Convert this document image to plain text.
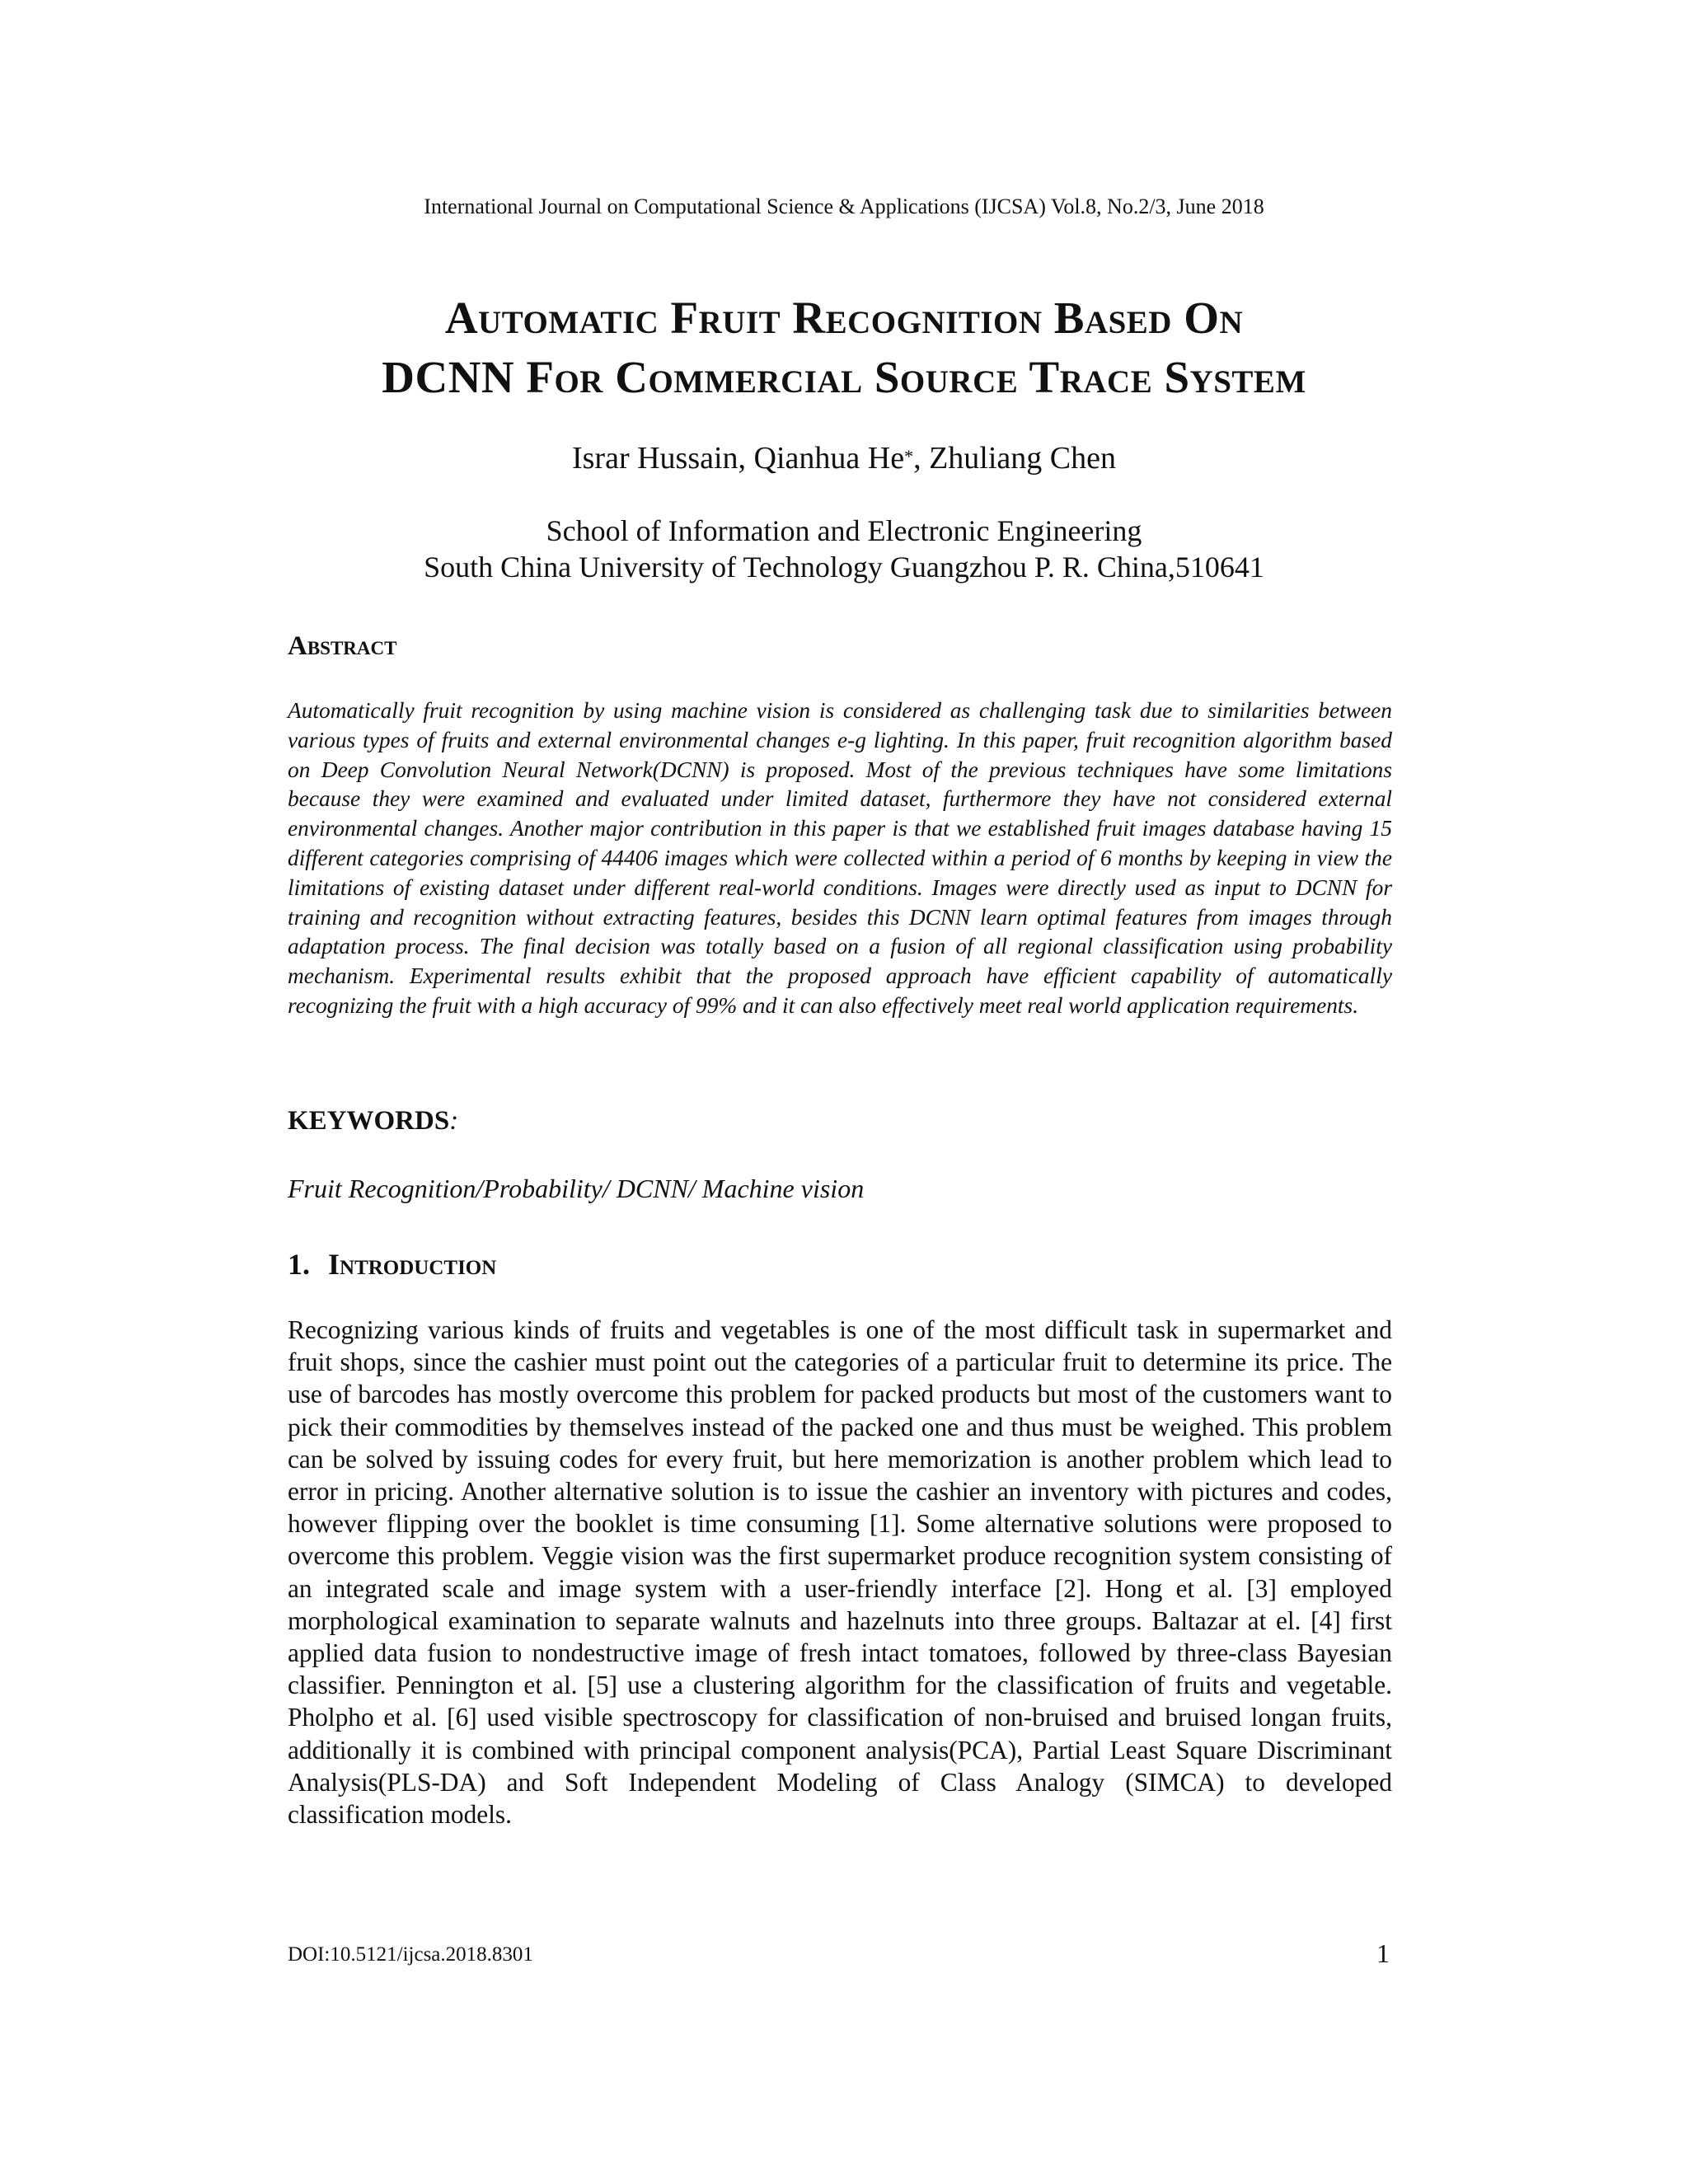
International Journal on Computational Science & Applications (IJCSA) Vol.8, No.2/3, June 2018
Automatic Fruit Recognition Based On
DCNN For Commercial Source Trace System
Israr Hussain, Qianhua He*, Zhuliang Chen
School of Information and Electronic Engineering
South China University of Technology Guangzhou P. R. China,510641
Abstract

Automatically fruit recognition by using machine vision is considered as challenging task due to similarities between various types of fruits and external environmental changes e-g lighting. In this paper, fruit recognition algorithm based on Deep Convolution Neural Network(DCNN) is proposed. Most of the previous techniques have some limitations because they were examined and evaluated under limited dataset, furthermore they have not considered external environmental changes. Another major contribution in this paper is that we established fruit images database having 15 different categories comprising of 44406 images which were collected within a period of 6 months by keeping in view the limitations of existing dataset under different real-world conditions. Images were directly used as input to DCNN for training and recognition without extracting features, besides this DCNN learn optimal features from images through adaptation process. The final decision was totally based on a fusion of all regional classification using probability mechanism. Experimental results exhibit that the proposed approach have efficient capability of automatically recognizing the fruit with a high accuracy of 99% and it can also effectively meet real world application requirements.

KEYWORDS:
Fruit Recognition/Probability/ DCNN/ Machine vision
1. Introduction

Recognizing various kinds of fruits and vegetables is one of the most difficult task in supermarket and fruit shops, since the cashier must point out the categories of a particular fruit to determine its price. The use of barcodes has mostly overcome this problem for packed products but most of the customers want to pick their commodities by themselves instead of the packed one and thus must be weighed. This problem can be solved by issuing codes for every fruit, but here memorization is another problem which lead to error in pricing. Another alternative solution is to issue the cashier an inventory with pictures and codes, however flipping over the booklet is time consuming [1]. Some alternative solutions were proposed to overcome this problem. Veggie vision was the first supermarket produce recognition system consisting of an integrated scale and image system with a user-friendly interface [2]. Hong et al. [3] employed morphological examination to separate walnuts and hazelnuts into three groups. Baltazar at el. [4] first applied data fusion to nondestructive image of fresh intact tomatoes, followed by three-class Bayesian classifier. Pennington et al. [5] use a clustering algorithm for the classification of fruits and vegetable. Pholpho et al. [6] used visible spectroscopy for classification of non-bruised and bruised longan fruits, additionally it is combined with principal component analysis(PCA), Partial Least Square Discriminant Analysis(PLS-DA) and Soft Independent Modeling of Class Analogy (SIMCA) to developed classification models.

DOI:10.5121/ijcsa.2018.8301	1
